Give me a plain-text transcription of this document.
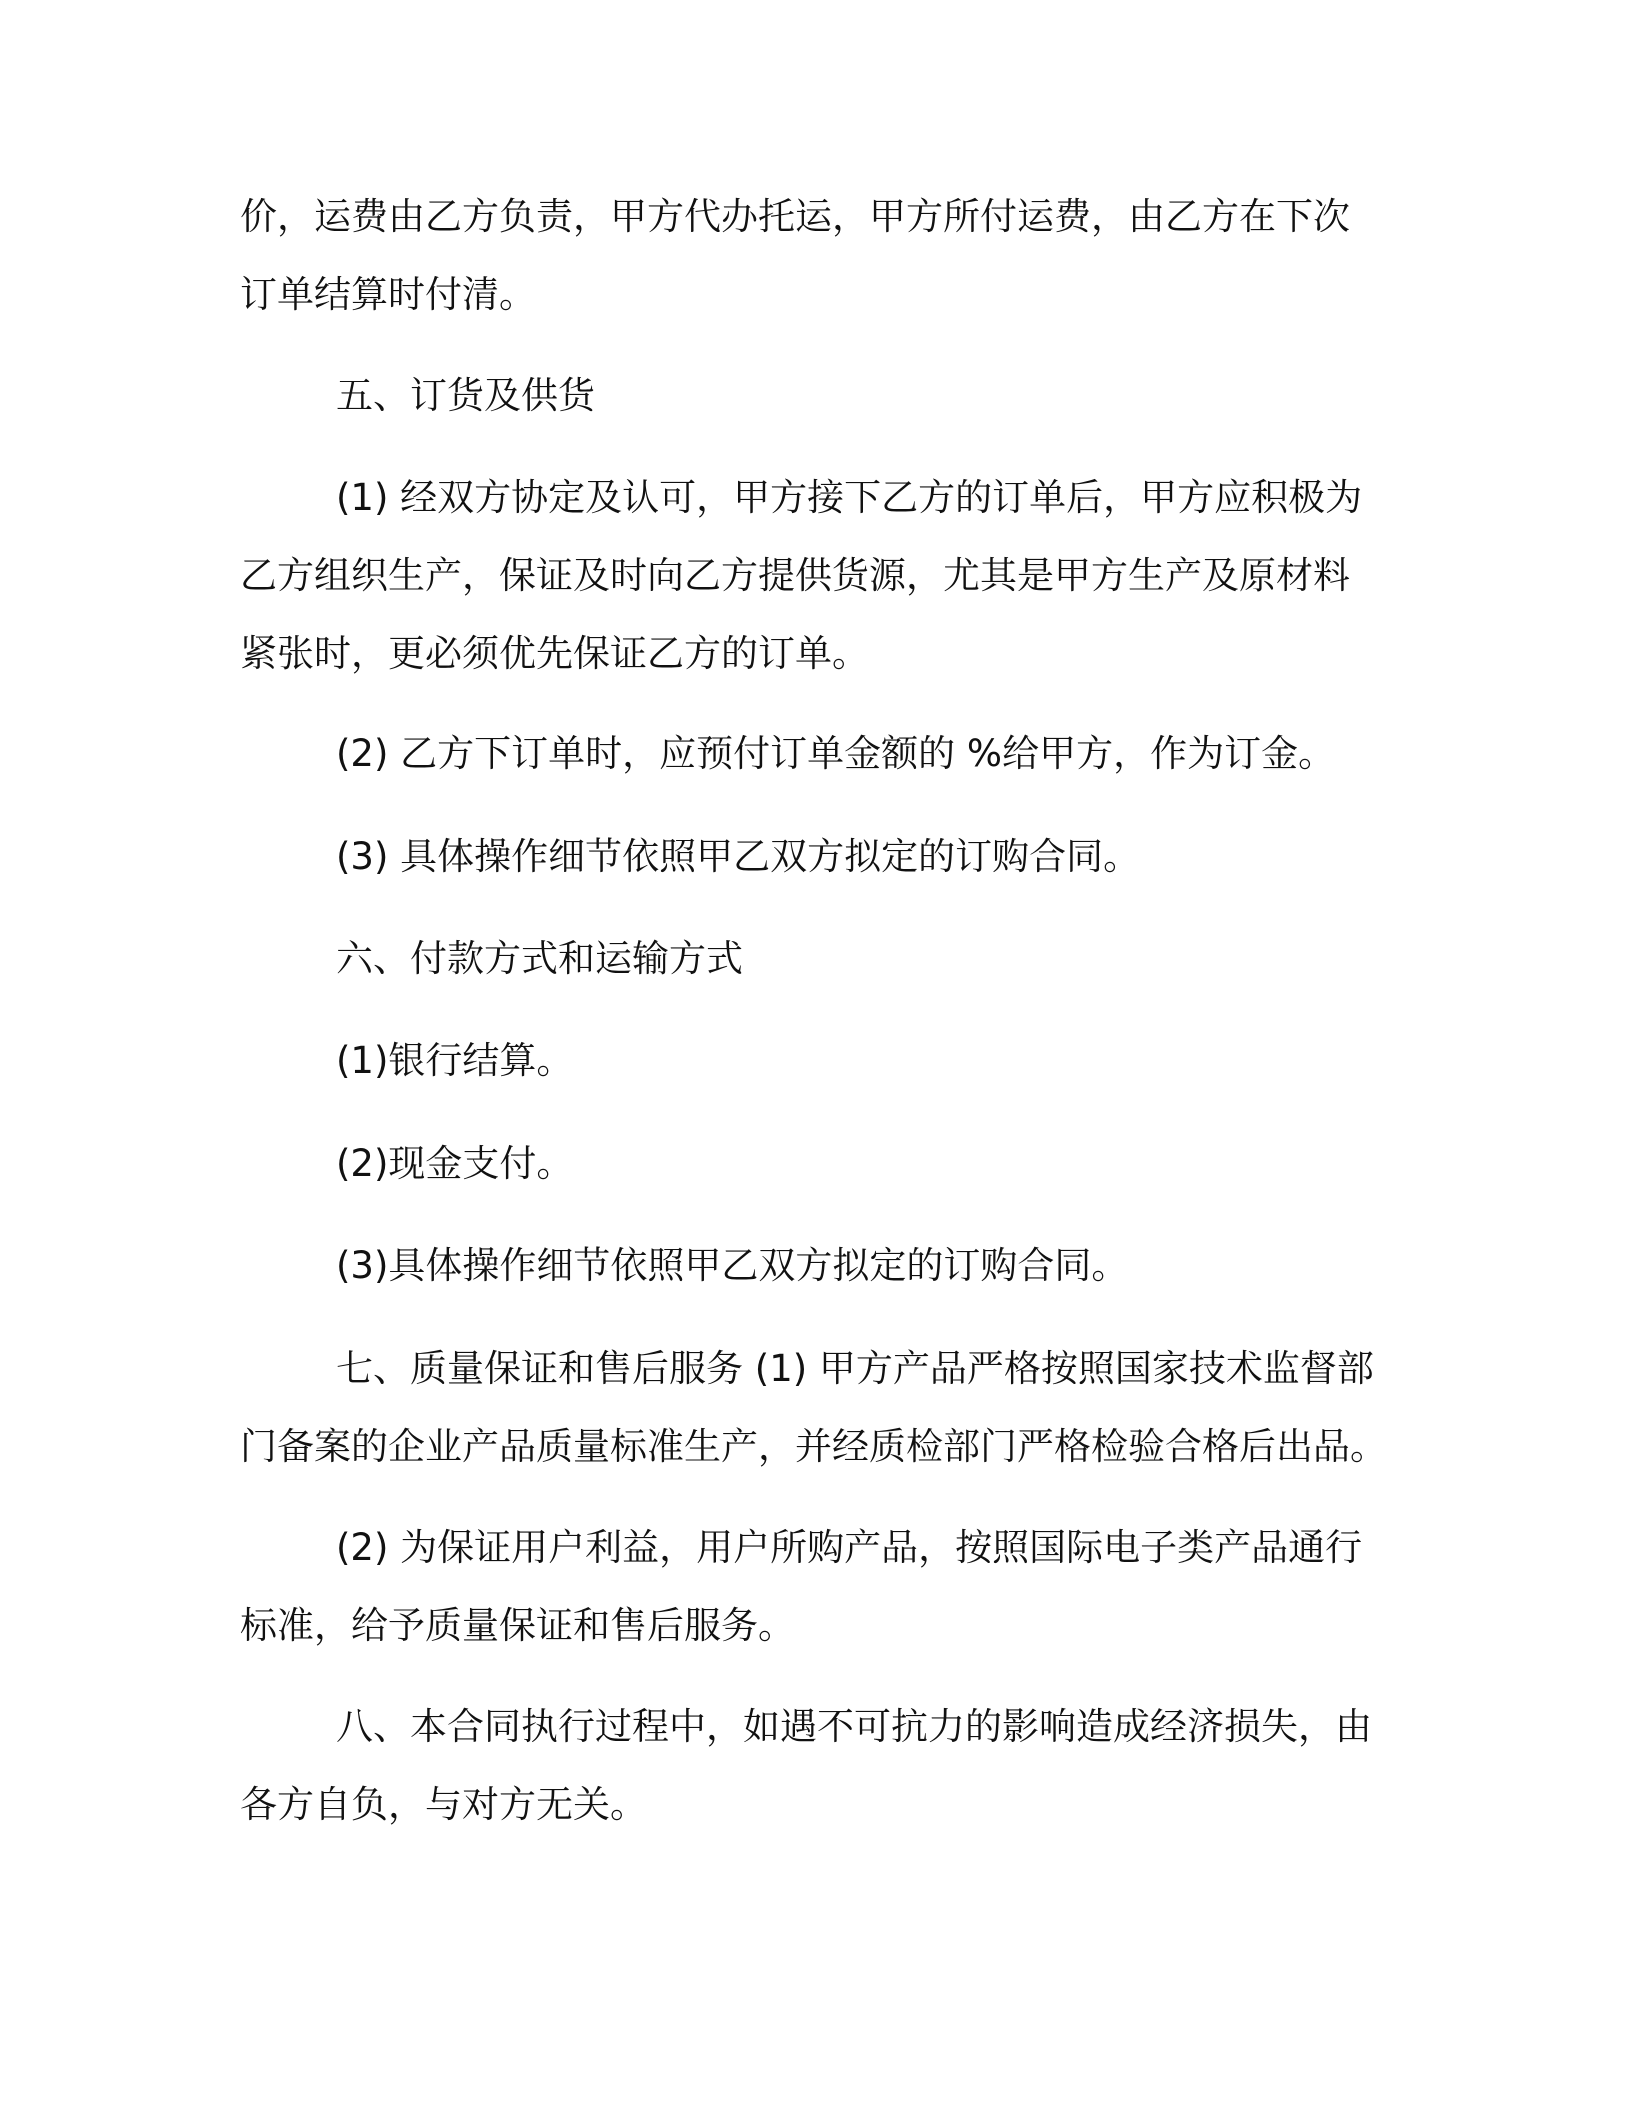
价，运费由乙方负责，甲方代办托运，甲方所付运费，由乙方在下次
订单结算时付清。

五、订货及供货

(1) 经双方协定及认可，甲方接下乙方的订单后，甲方应积极为
乙方组织生产，保证及时向乙方提供货源，尤其是甲方生产及原材料
紧张时，更必须优先保证乙方的订单。

(2) 乙方下订单时，应预付订单金额的 %给甲方，作为订金。

(3) 具体操作细节依照甲乙双方拟定的订购合同。

六、付款方式和运输方式

(1)银行结算。

(2)现金支付。

(3)具体操作细节依照甲乙双方拟定的订购合同。

七、质量保证和售后服务 (1) 甲方产品严格按照国家技术监督部
门备案的企业产品质量标准生产，并经质检部门严格检验合格后出品。

(2) 为保证用户利益，用户所购产品，按照国际电子类产品通行
标准，给予质量保证和售后服务。

八、本合同执行过程中，如遇不可抗力的影响造成经济损失，由
各方自负，与对方无关。
